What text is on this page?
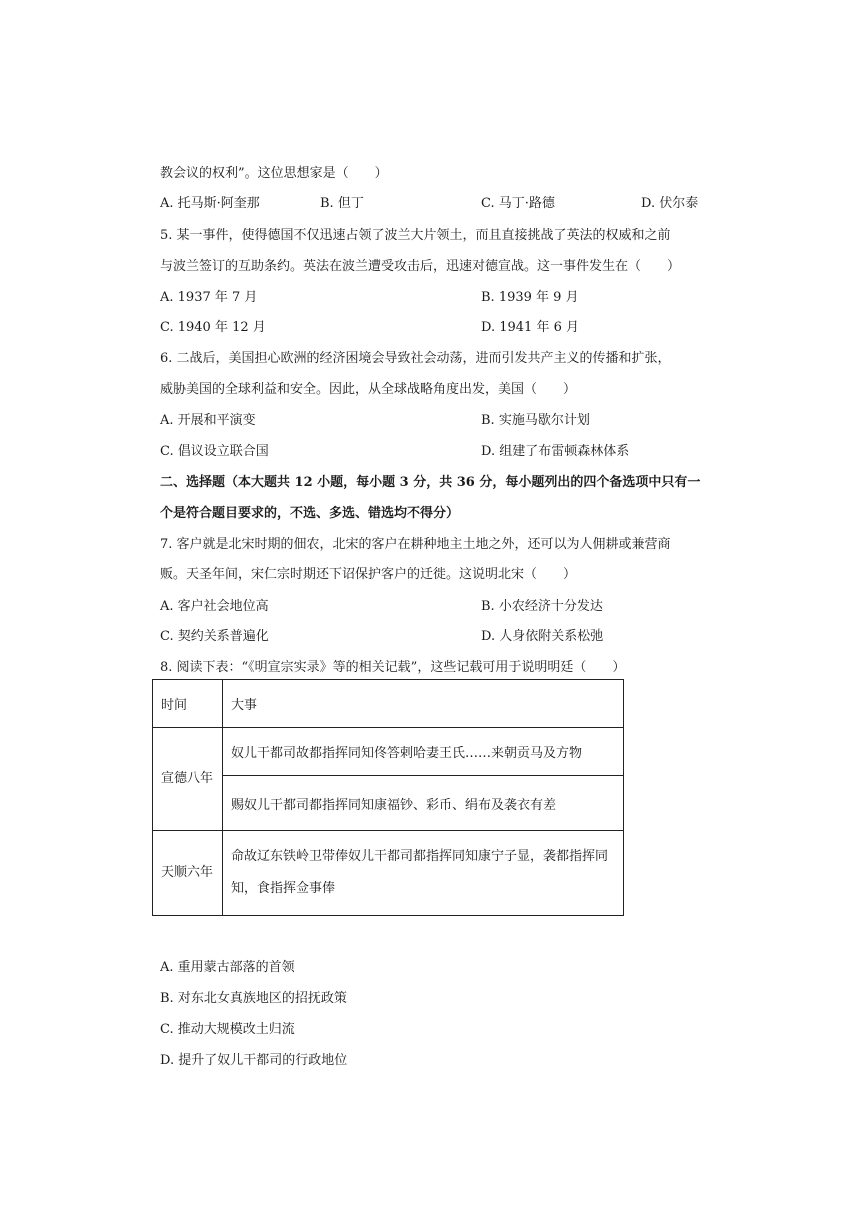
教会议的权利”。这位思想家是（　　）
A. 托马斯·阿奎那	B. 但丁	C. 马丁·路德	D. 伏尔泰
5. 某一事件，使得德国不仅迅速占领了波兰大片领土，而且直接挑战了英法的权威和之前
与波兰签订的互助条约。英法在波兰遭受攻击后，迅速对德宣战。这一事件发生在（　　）
A. 1937 年 7 月	B. 1939 年 9 月
C. 1940 年 12 月	D. 1941 年 6 月
6. 二战后，美国担心欧洲的经济困境会导致社会动荡，进而引发共产主义的传播和扩张，
威胁美国的全球利益和安全。因此，从全球战略角度出发，美国（　　）
A. 开展和平演变	B. 实施马歇尔计划
C. 倡议设立联合国	D. 组建了布雷顿森林体系
二、选择题（本大题共 12 小题，每小题 3 分，共 36 分，每小题列出的四个备选项中只有一
个是符合题目要求的，不选、多选、错选均不得分）
7. 客户就是北宋时期的佃农，北宋的客户在耕种地主土地之外，还可以为人佣耕或兼营商
贩。天圣年间，宋仁宗时期还下诏保护客户的迁徙。这说明北宋（　　）
A. 客户社会地位高	B. 小农经济十分发达
C. 契约关系普遍化	D. 人身依附关系松弛
8. 阅读下表：“《明宣宗实录》等的相关记载”，这些记载可用于说明明廷（　　）
时间	大事

宣德八年	奴儿干都司故都指挥同知佟答剌哈妻王氏……来朝贡马及方物
	赐奴儿干都司都指挥同知康福钞、彩币、绢布及袭衣有差

天顺六年	命故辽东铁岭卫带俸奴儿干都司都指挥同知康宁子显，袭都指挥同知，食指挥佥事俸
A. 重用蒙古部落的首领
B. 对东北女真族地区的招抚政策
C. 推动大规模改土归流
D. 提升了奴儿干都司的行政地位
